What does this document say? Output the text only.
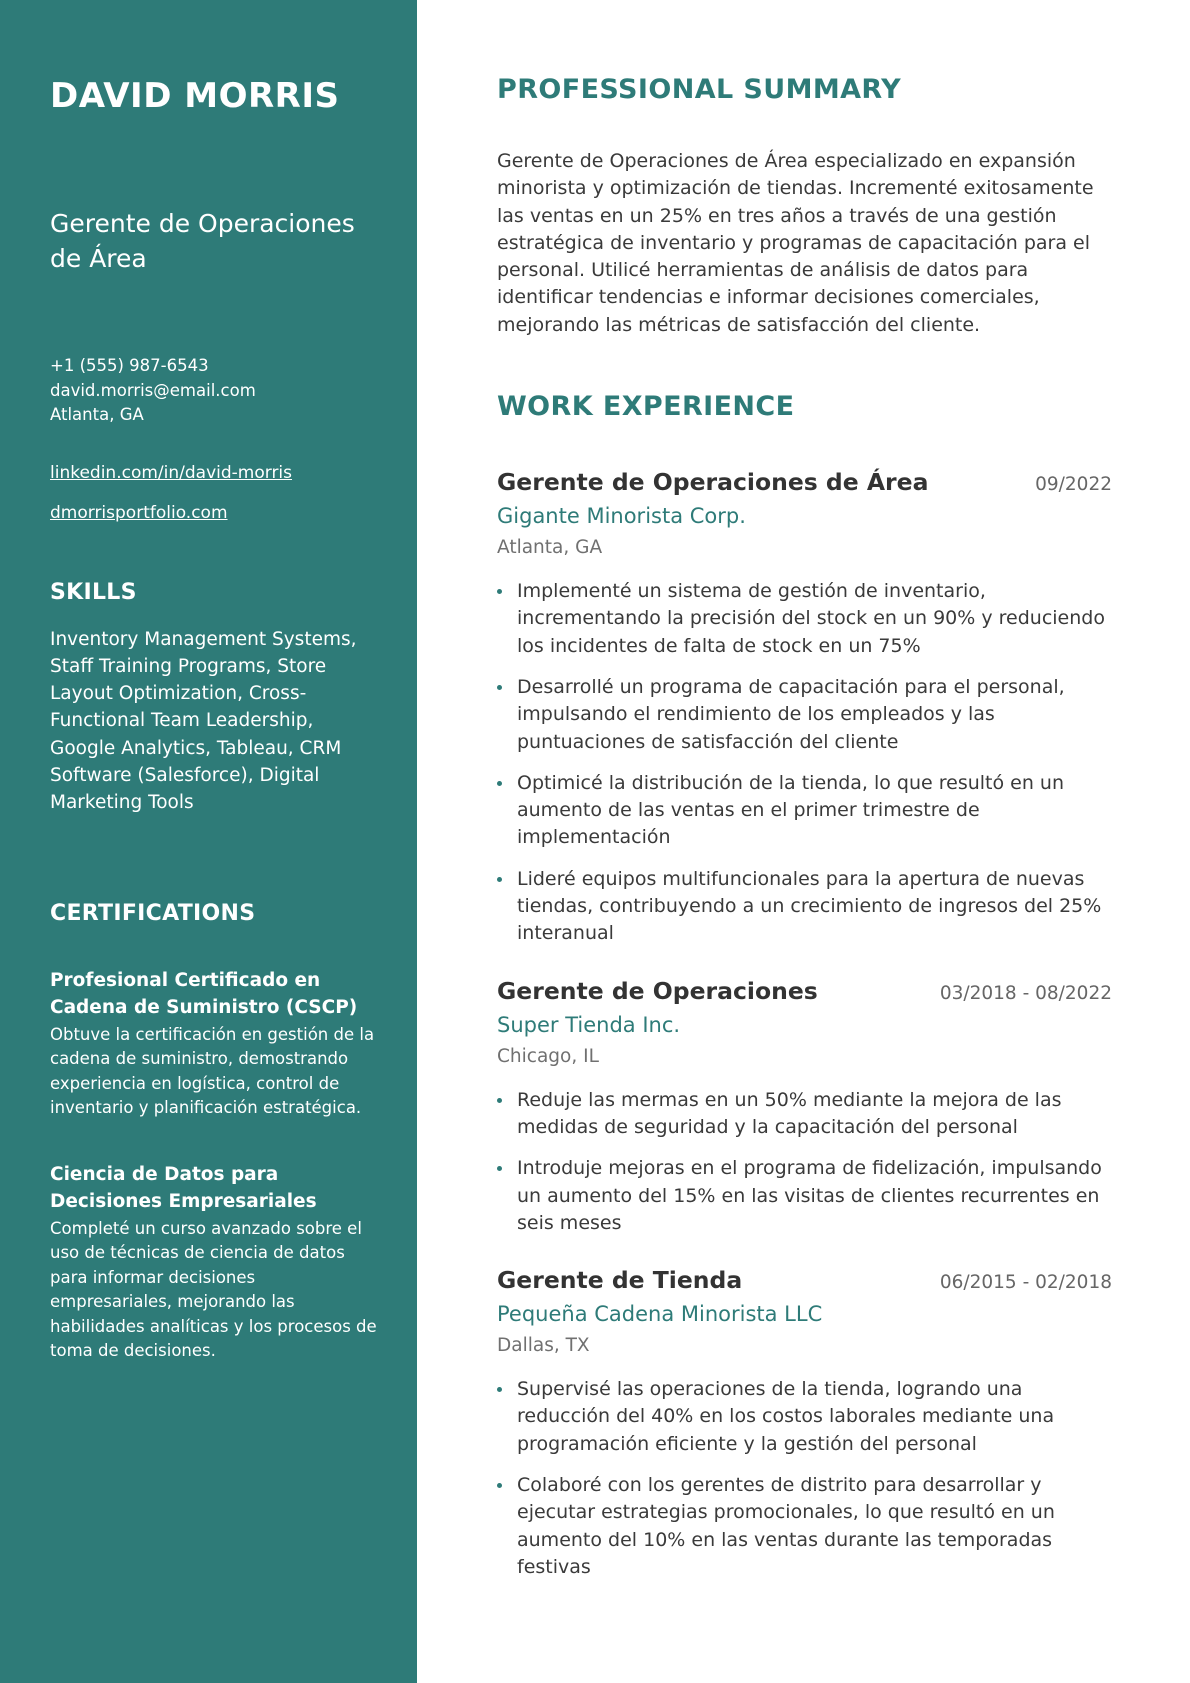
DAVID MORRIS
Gerente de Operaciones de Área
+1 (555) 987-6543
david.morris@email.com
Atlanta, GA
linkedin.com/in/david-morris
dmorrisportfolio.com
SKILLS
Inventory Management Systems, Staff Training Programs, Store Layout Optimization, Cross-Functional Team Leadership, Google Analytics, Tableau, CRM Software (Salesforce), Digital Marketing Tools
CERTIFICATIONS
Profesional Certificado en Cadena de Suministro (CSCP)
Obtuve la certificación en gestión de la cadena de suministro, demostrando experiencia en logística, control de inventario y planificación estratégica.
Ciencia de Datos para Decisiones Empresariales
Completé un curso avanzado sobre el uso de técnicas de ciencia de datos para informar decisiones empresariales, mejorando las habilidades analíticas y los procesos de toma de decisiones.
PROFESSIONAL SUMMARY
Gerente de Operaciones de Área especializado en expansión minorista y optimización de tiendas. Incrementé exitosamente las ventas en un 25% en tres años a través de una gestión estratégica de inventario y programas de capacitación para el personal. Utilicé herramientas de análisis de datos para identificar tendencias e informar decisiones comerciales, mejorando las métricas de satisfacción del cliente.
WORK EXPERIENCE
Gerente de Operaciones de Área	09/2022
Gigante Minorista Corp.
Atlanta, GA
Implementé un sistema de gestión de inventario, incrementando la precisión del stock en un 90% y reduciendo los incidentes de falta de stock en un 75%
Desarrollé un programa de capacitación para el personal, impulsando el rendimiento de los empleados y las puntuaciones de satisfacción del cliente
Optimicé la distribución de la tienda, lo que resultó en un aumento de las ventas en el primer trimestre de implementación
Lideré equipos multifuncionales para la apertura de nuevas tiendas, contribuyendo a un crecimiento de ingresos del 25% interanual
Gerente de Operaciones	03/2018 - 08/2022
Super Tienda Inc.
Chicago, IL
Reduje las mermas en un 50% mediante la mejora de las medidas de seguridad y la capacitación del personal
Introduje mejoras en el programa de fidelización, impulsando un aumento del 15% en las visitas de clientes recurrentes en seis meses
Gerente de Tienda	06/2015 - 02/2018
Pequeña Cadena Minorista LLC
Dallas, TX
Supervisé las operaciones de la tienda, logrando una reducción del 40% en los costos laborales mediante una programación eficiente y la gestión del personal
Colaboré con los gerentes de distrito para desarrollar y ejecutar estrategias promocionales, lo que resultó en un aumento del 10% en las ventas durante las temporadas festivas
